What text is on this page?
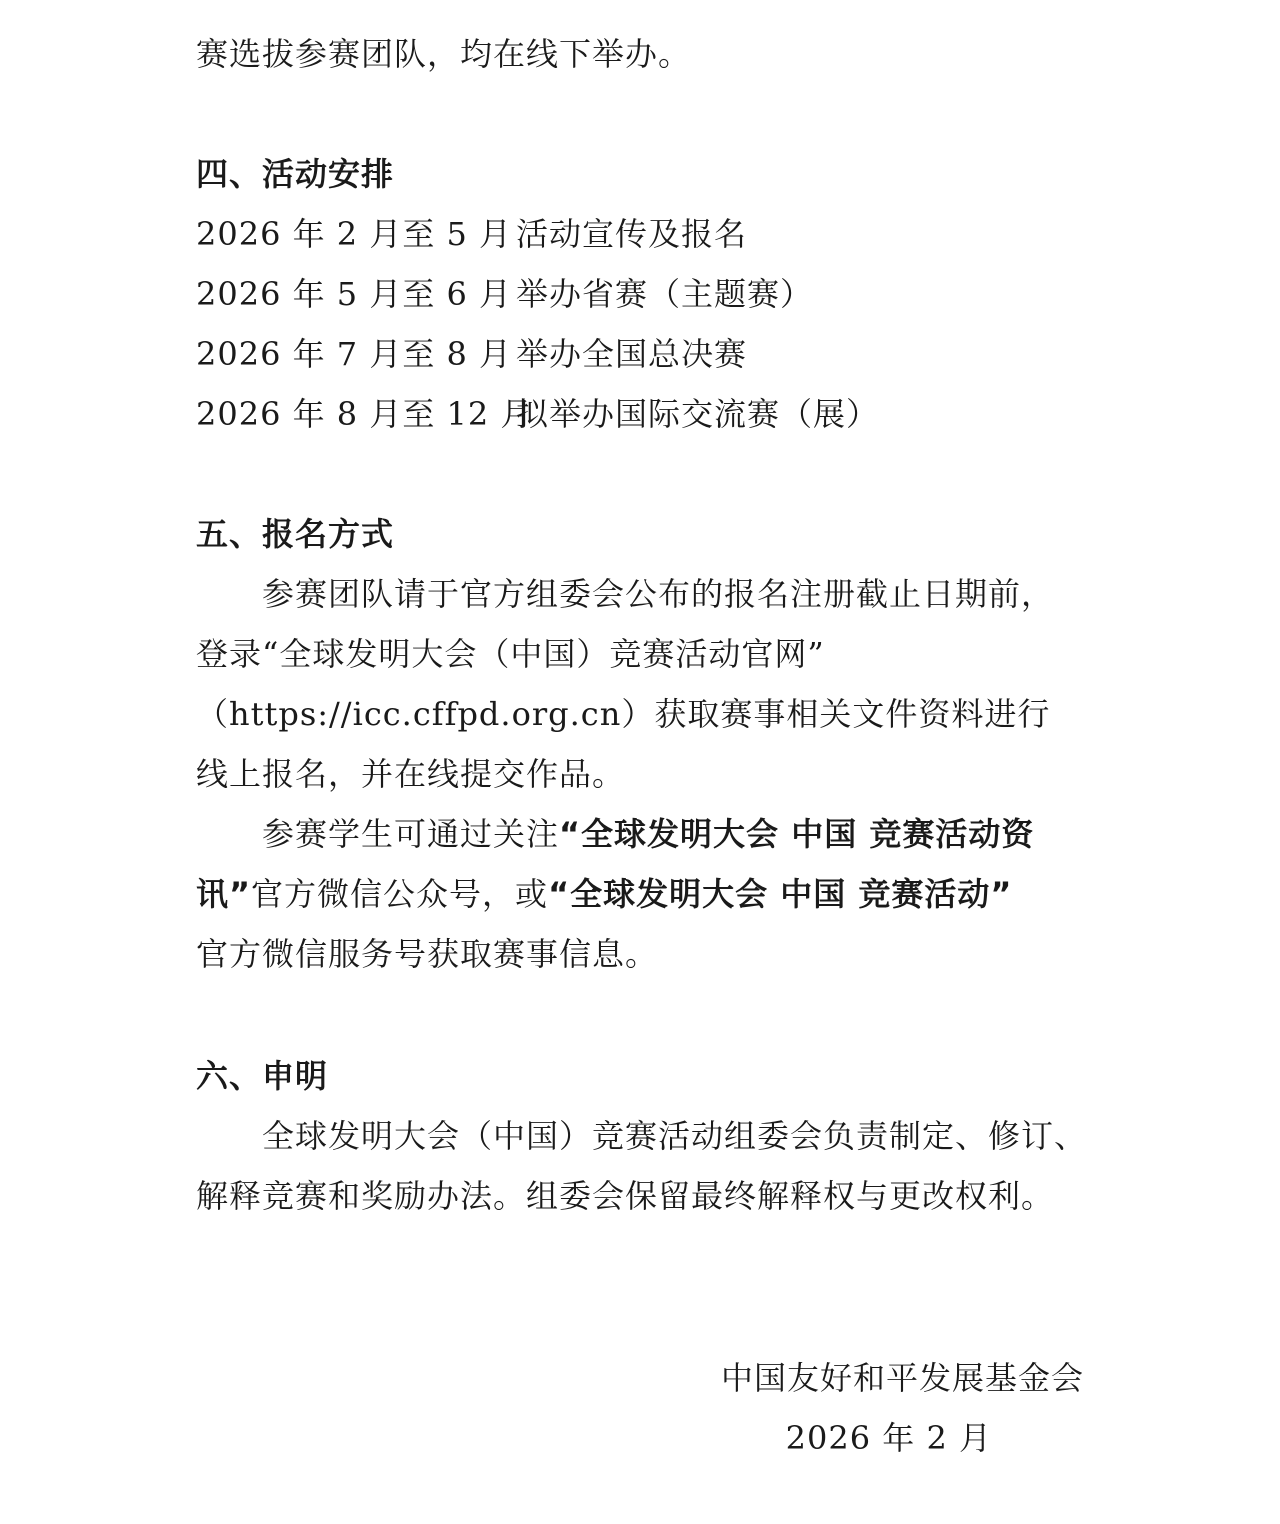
赛选拔参赛团队，均在线下举办。
四、活动安排
2026 年 2 月至 5 月 活动宣传及报名
2026 年 5 月至 6 月 举办省赛（主题赛）
2026 年 7 月至 8 月 举办全国总决赛
2026 年 8 月至 12 月拟举办国际交流赛（展）
五、报名方式
参赛团队请于官方组委会公布的报名注册截止日期前，
登录“全球发明大会（中国）竞赛活动官网”
（https://icc.cffpd.org.cn）获取赛事相关文件资料进行
线上报名，并在线提交作品。
参赛学生可通过关注“全球发明大会 中国 竞赛活动资
讯”官方微信公众号，或“全球发明大会 中国 竞赛活动”
官方微信服务号获取赛事信息。
六、申明
全球发明大会（中国）竞赛活动组委会负责制定、修订、
解释竞赛和奖励办法。组委会保留最终解释权与更改权利。
中国友好和平发展基金会
2026 年 2 月
